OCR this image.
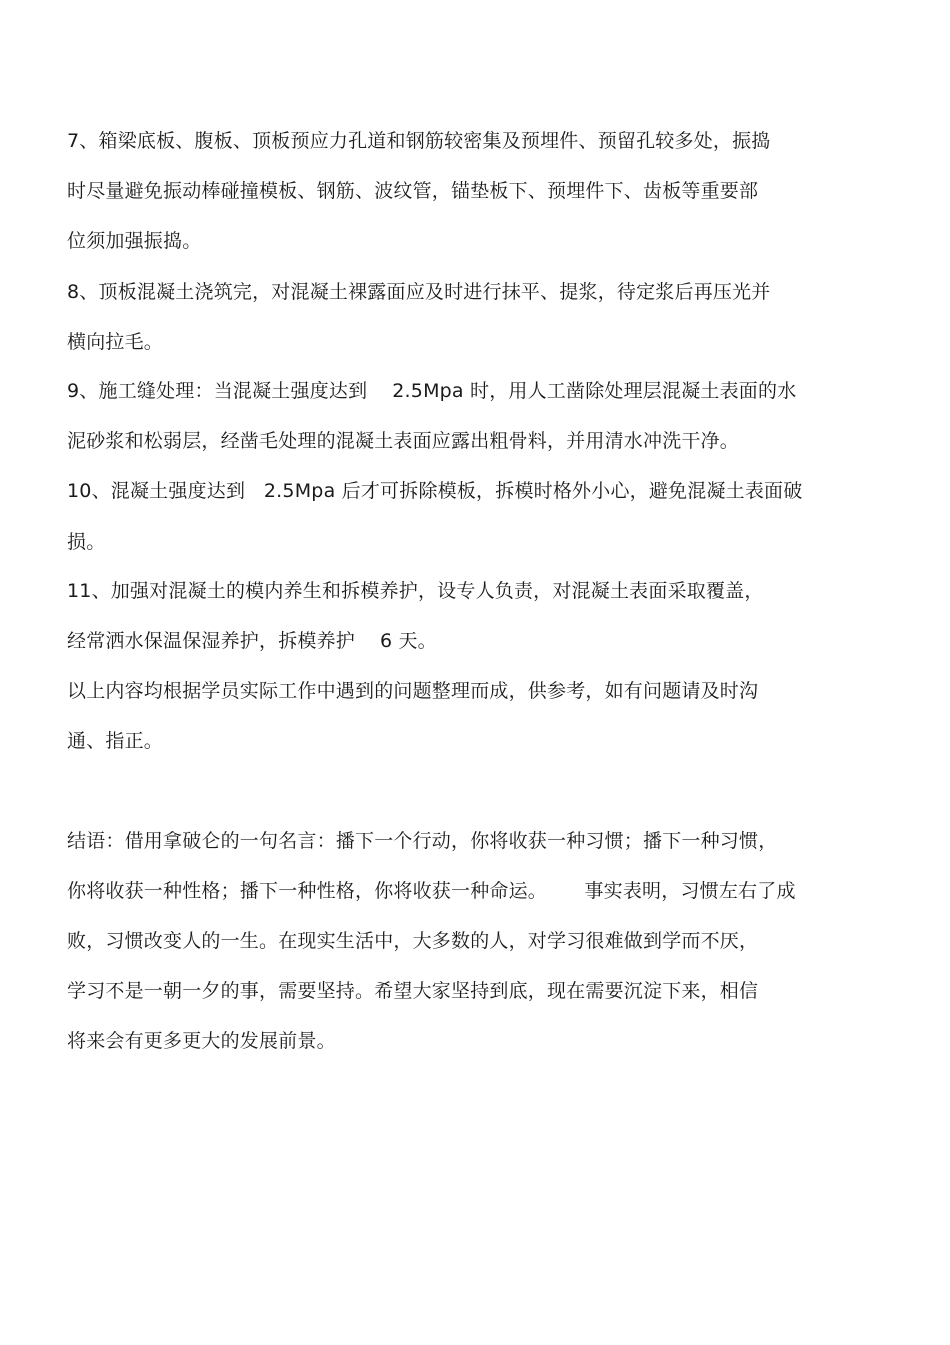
7、箱梁底板、腹板、顶板预应力孔道和钢筋较密集及预埋件、预留孔较多处，振捣
时尽量避免振动棒碰撞模板、钢筋、波纹管，锚垫板下、预埋件下、齿板等重要部
位须加强振捣。
8、顶板混凝土浇筑完，对混凝土裸露面应及时进行抹平、提浆，待定浆后再压光并
横向拉毛。
9、施工缝处理：当混凝土强度达到    2.5Mpa 时，用人工凿除处理层混凝土表面的水
泥砂浆和松弱层，经凿毛处理的混凝土表面应露出粗骨料，并用清水冲洗干净。
10、混凝土强度达到   2.5Mpa 后才可拆除模板，拆模时格外小心，避免混凝土表面破
损。
11、加强对混凝土的模内养生和拆模养护，设专人负责，对混凝土表面采取覆盖，
经常洒水保温保湿养护，拆模养护    6 天。
以上内容均根据学员实际工作中遇到的问题整理而成，供参考，如有问题请及时沟
通、指正。
结语：借用拿破仑的一句名言：播下一个行动，你将收获一种习惯；播下一种习惯，
你将收获一种性格；播下一种性格，你将收获一种命运。      事实表明，习惯左右了成
败，习惯改变人的一生。在现实生活中，大多数的人，对学习很难做到学而不厌，
学习不是一朝一夕的事，需要坚持。希望大家坚持到底，现在需要沉淀下来，相信
将来会有更多更大的发展前景。
